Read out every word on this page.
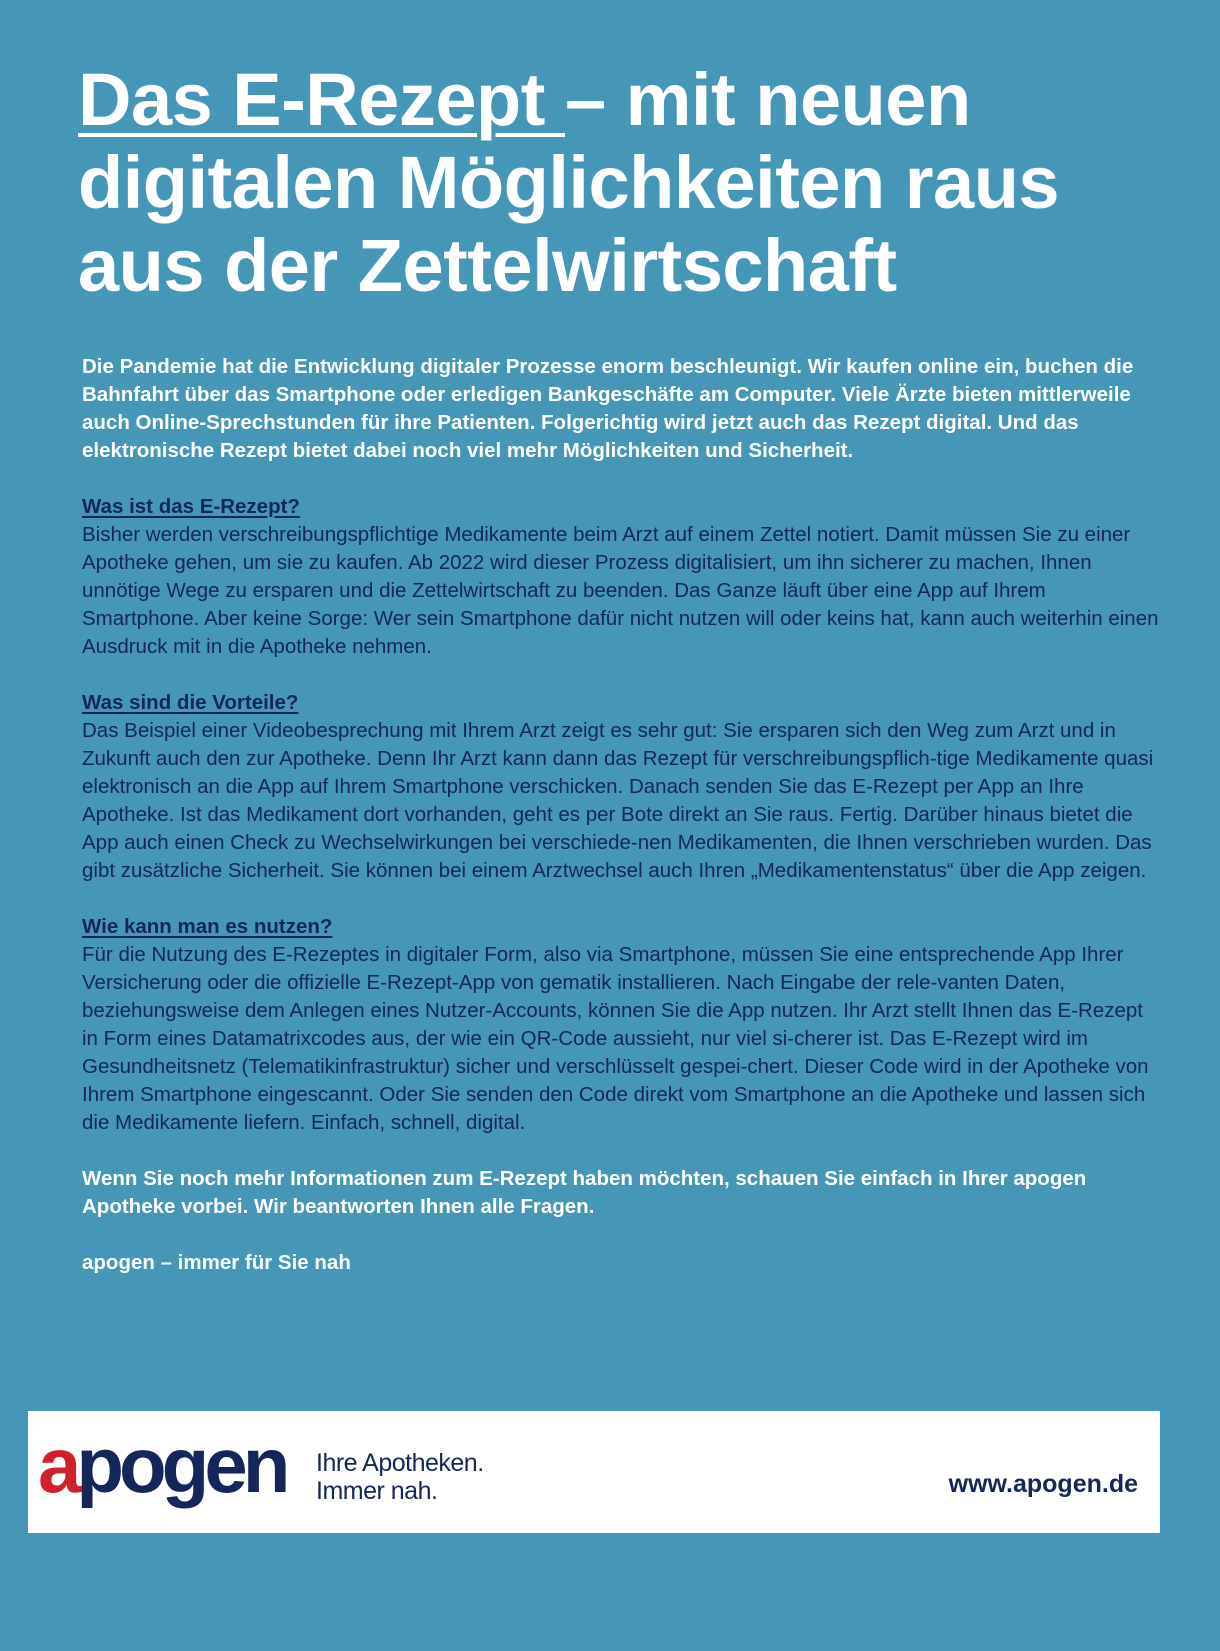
Das E-Rezept – mit neuen digitalen Möglichkeiten raus aus der Zettelwirtschaft

Die Pandemie hat die Entwicklung digitaler Prozesse enorm beschleunigt. Wir kaufen online ein, buchen die Bahnfahrt über das Smartphone oder erledigen Bankgeschäfte am Computer. Viele Ärzte bieten mittlerweile auch Online-Sprechstunden für ihre Patienten. Folgerichtig wird jetzt auch das Rezept digital. Und das elektronische Rezept bietet dabei noch viel mehr Möglichkeiten und Sicherheit.

Was ist das E-Rezept?

Bisher werden verschreibungspflichtige Medikamente beim Arzt auf einem Zettel notiert. Damit müssen Sie zu einer Apotheke gehen, um sie zu kaufen. Ab 2022 wird dieser Prozess digitalisiert, um ihn sicherer zu machen, Ihnen unnötige Wege zu ersparen und die Zettelwirtschaft zu beenden. Das Ganze läuft über eine App auf Ihrem Smartphone. Aber keine Sorge: Wer sein Smartphone dafür nicht nutzen will oder keins hat, kann auch weiterhin einen Ausdruck mit in die Apotheke nehmen.

Was sind die Vorteile?

Das Beispiel einer Videobesprechung mit Ihrem Arzt zeigt es sehr gut: Sie ersparen sich den Weg zum Arzt und in Zukunft auch den zur Apotheke. Denn Ihr Arzt kann dann das Rezept für verschreibungspflich-tige Medikamente quasi elektronisch an die App auf Ihrem Smartphone verschicken. Danach senden Sie das E-Rezept per App an Ihre Apotheke. Ist das Medikament dort vorhanden, geht es per Bote direkt an Sie raus. Fertig. Darüber hinaus bietet die App auch einen Check zu Wechselwirkungen bei verschiede-nen Medikamenten, die Ihnen verschrieben wurden. Das gibt zusätzliche Sicherheit. Sie können bei einem Arztwechsel auch Ihren „Medikamentenstatus“ über die App zeigen.

Wie kann man es nutzen?

Für die Nutzung des E-Rezeptes in digitaler Form, also via Smartphone, müssen Sie eine entsprechende App Ihrer Versicherung oder die offizielle E-Rezept-App von gematik installieren. Nach Eingabe der rele-vanten Daten, beziehungsweise dem Anlegen eines Nutzer-Accounts, können Sie die App nutzen. Ihr Arzt stellt Ihnen das E-Rezept in Form eines Datamatrixcodes aus, der wie ein QR-Code aussieht, nur viel si-cherer ist. Das E-Rezept wird im Gesundheitsnetz (Telematikinfrastruktur) sicher und verschlüsselt gespei-chert. Dieser Code wird in der Apotheke von Ihrem Smartphone eingescannt. Oder Sie senden den Code direkt vom Smartphone an die Apotheke und lassen sich die Medikamente liefern. Einfach, schnell, digital.

Wenn Sie noch mehr Informationen zum E-Rezept haben möchten, schauen Sie einfach in Ihrer apogen Apotheke vorbei. Wir beantworten Ihnen alle Fragen.

apogen – immer für Sie nah

apogen Ihre Apotheken.
Immer nah.	www.apogen.de
